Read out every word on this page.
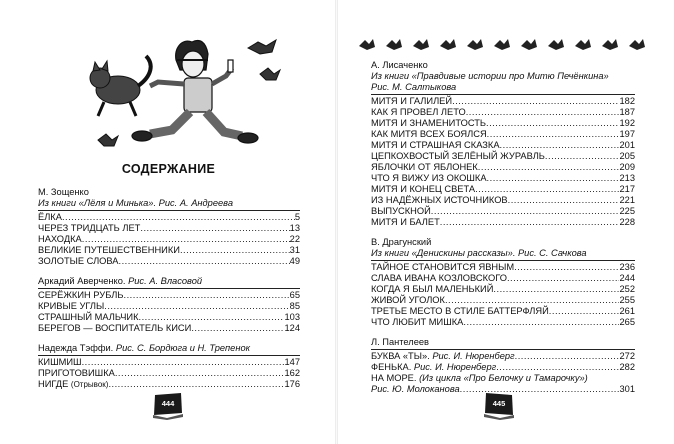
СОДЕРЖАНИЕ
М. Зощенко
Из книги «Лёля и Минька». Рис. А. Андреева
ЁЛКА .....	5
ЧЕРЕЗ ТРИДЦАТЬ ЛЕТ .....	13
НАХОДКА .....	22
ВЕЛИКИЕ ПУТЕШЕСТВЕННИКИ .....	31
ЗОЛОТЫЕ СЛОВА .....	49
Аркадий Аверченко. Рис. А. Власовой
СЕРЁЖКИН РУБЛЬ .....	65
КРИВЫЕ УГЛЫ .....	85
СТРАШНЫЙ МАЛЬЧИК .....	103
БЕРЕГОВ — ВОСПИТАТЕЛЬ КИСИ .....	124
Надежда Тэффи. Рис. С. Бордюга и Н. Трепенок
КИШМИШ .....	147
ПРИГОТОВИШКА .....	162
НИГДЕ
(Отрывок) .....	176
444
А. Лисаченко
Из книги «Правдивые истории про Митю Печёнкина»
Рис. М. Салтыкова
МИТЯ И ГАЛИЛЕЙ .....	182
КАК Я ПРОВЕЛ ЛЕТО .....	187
МИТЯ И ЗНАМЕНИТОСТЬ .....	192
КАК МИТЯ ВСЕХ БОЯЛСЯ .....	197
МИТЯ И СТРАШНАЯ СКАЗКА .....	201
ЦЕПКОХВОСТЫЙ ЗЕЛЁНЫЙ ЖУРАВЛЬ .....	205
ЯБЛОЧКИ ОТ ЯБЛОНЕК .....	209
ЧТО Я ВИЖУ ИЗ ОКОШКА .....	213
МИТЯ И КОНЕЦ СВЕТА .....	217
ИЗ НАДЁЖНЫХ ИСТОЧНИКОВ .....	221
ВЫПУСКНОЙ .....	225
МИТЯ И БАЛЕТ .....	228
В. Драгунский
Из книги «Денискины рассказы». Рис. С. Сачкова
ТАЙНОЕ СТАНОВИТСЯ ЯВНЫМ .....	236
СЛАВА ИВАНА КОЗЛОВСКОГО .....	244
КОГДА Я БЫЛ МАЛЕНЬКИЙ .....	252
ЖИВОЙ УГОЛОК .....	255
ТРЕТЬЕ МЕСТО В СТИЛЕ БАТТЕРФЛЯЙ .....	261
ЧТО ЛЮБИТ МИШКА .....	265
Л. Пантелеев
БУКВА «ТЫ».
Рис. И. Нюренберг .....	272
ФЕНЬКА.
Рис. И. Нюренберг .....	282
НА МОРЕ.
(Из цикла «Про Белочку и Тамарочку»)
Рис. Ю. Молоканова .....	301
445
